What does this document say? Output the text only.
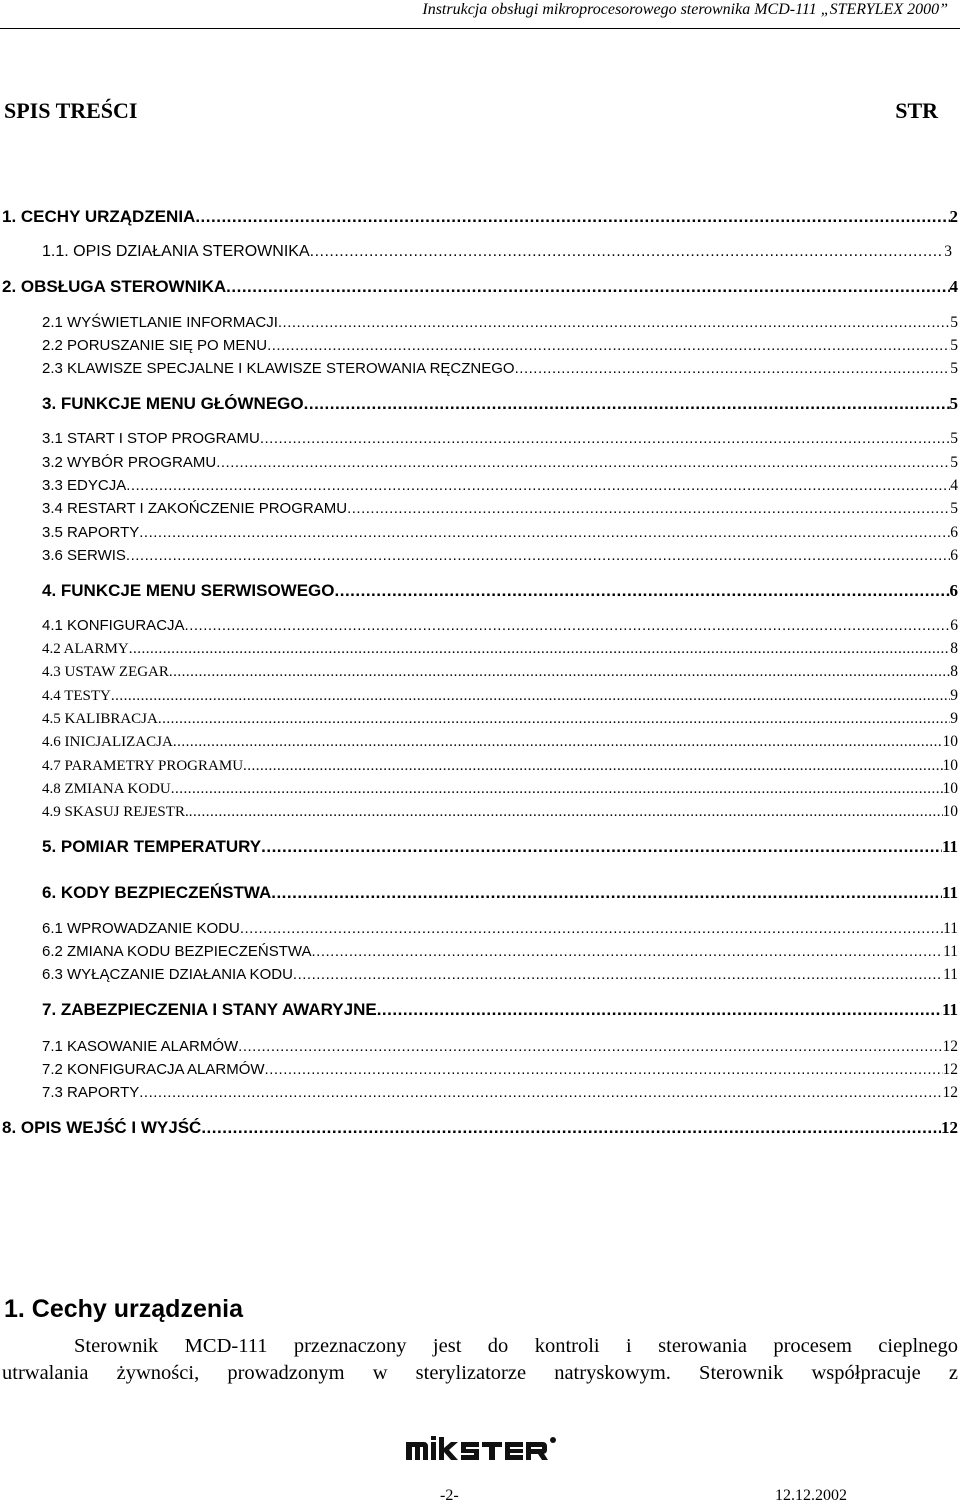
Instrukcja obsługi mikroprocesorowego sterownika MCD-111 „STERYLEX 2000”
SPIS TREŚCI	STR
1. CECHY URZĄDZENIA .....	2
1.1. OPIS DZIAŁANIA STEROWNIKA .....	3
2. OBSŁUGA STEROWNIKA .....	4
2.1 WYŚWIETLANIE INFORMACJI .....	5
2.2 PORUSZANIE SIĘ PO MENU .....	5
2.3 KLAWISZE SPECJALNE I KLAWISZE STEROWANIA RĘCZNEGO .....	5
3. FUNKCJE MENU GŁÓWNEGO .....	5
3.1 START I STOP PROGRAMU .....	5
3.2 WYBÓR PROGRAMU .....	5
3.3 EDYCJA .....	4
3.4 RESTART I ZAKOŃCZENIE PROGRAMU .....	5
3.5 RAPORTY .....	6
3.6 SERWIS .....	6
4. FUNKCJE MENU SERWISOWEGO .....	6
4.1 KONFIGURACJA .....	6
4.2 ALARMY .....	8
4.3 USTAW ZEGAR .....	8
4.4 TESTY .....	9
4.5 KALIBRACJA .....	9
4.6 INICJALIZACJA .....	10
4.7 PARAMETRY PROGRAMU .....	10
4.8 ZMIANA KODU .....	10
4.9 SKASUJ REJESTR. .....	10
5. POMIAR TEMPERATURY .....	11
6. KODY BEZPIECZEŃSTWA .....	11
6.1 WPROWADZANIE KODU .....	11
6.2 ZMIANA KODU BEZPIECZEŃSTWA .....	11
6.3 WYŁĄCZANIE DZIAŁANIA KODU .....	11
7. ZABEZPIECZENIA I STANY AWARYJNE .....	11
7.1 KASOWANIE ALARMÓW .....	12
7.2 KONFIGURACJA ALARMÓW .....	12
7.3 RAPORTY .....	12
8. OPIS WEJŚĆ I WYJŚĆ .....	12
1. Cechy urządzenia
Sterownik MCD-111 przeznaczony jest do kontroli i sterowania procesem cieplnego
utrwalania żywności, prowadzonym w sterylizatorze natryskowym. Sterownik współpracuje z
-2-	12.12.2002
